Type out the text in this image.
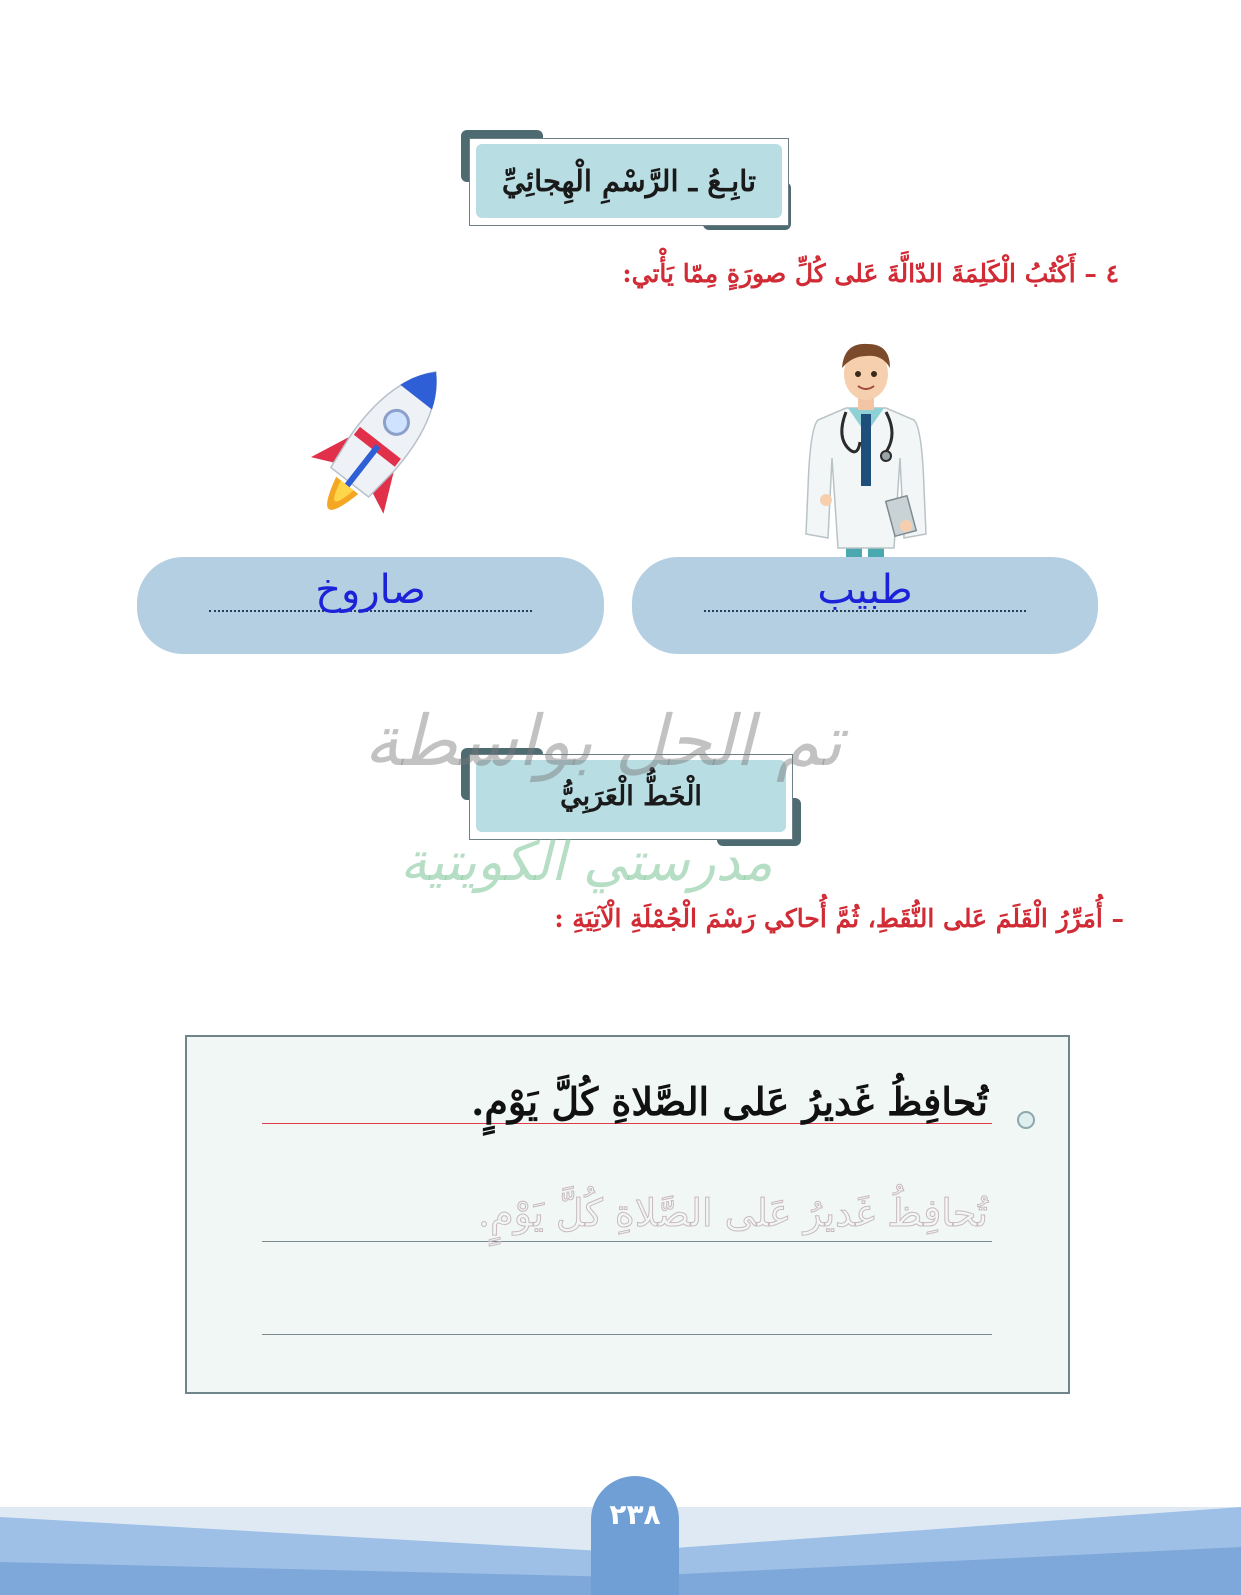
تابِـعُ ـ الرَّسْمِ الْهِجائِيِّ
٤ – أَكْتُبُ الْكَلِمَةَ الدّالَّةَ عَلى كُلِّ صورَةٍ مِمّا يَأْتي:
طبيب
صاروخ
الْخَطُّ الْعَرَبِيُّ
تم الحل بواسطة
مدرستي الكويتية
– أُمَرِّرُ الْقَلَمَ عَلى النُّقَطِ، ثُمَّ أُحاكي رَسْمَ الْجُمْلَةِ الْآتِيَةِ :
تُحافِظُ غَديرُ عَلى الصَّلاةِ كُلَّ يَوْمٍ.
تُحافِظُ غَديرُ عَلى الصَّلاةِ كُلَّ يَوْمٍ.
٢٣٨
